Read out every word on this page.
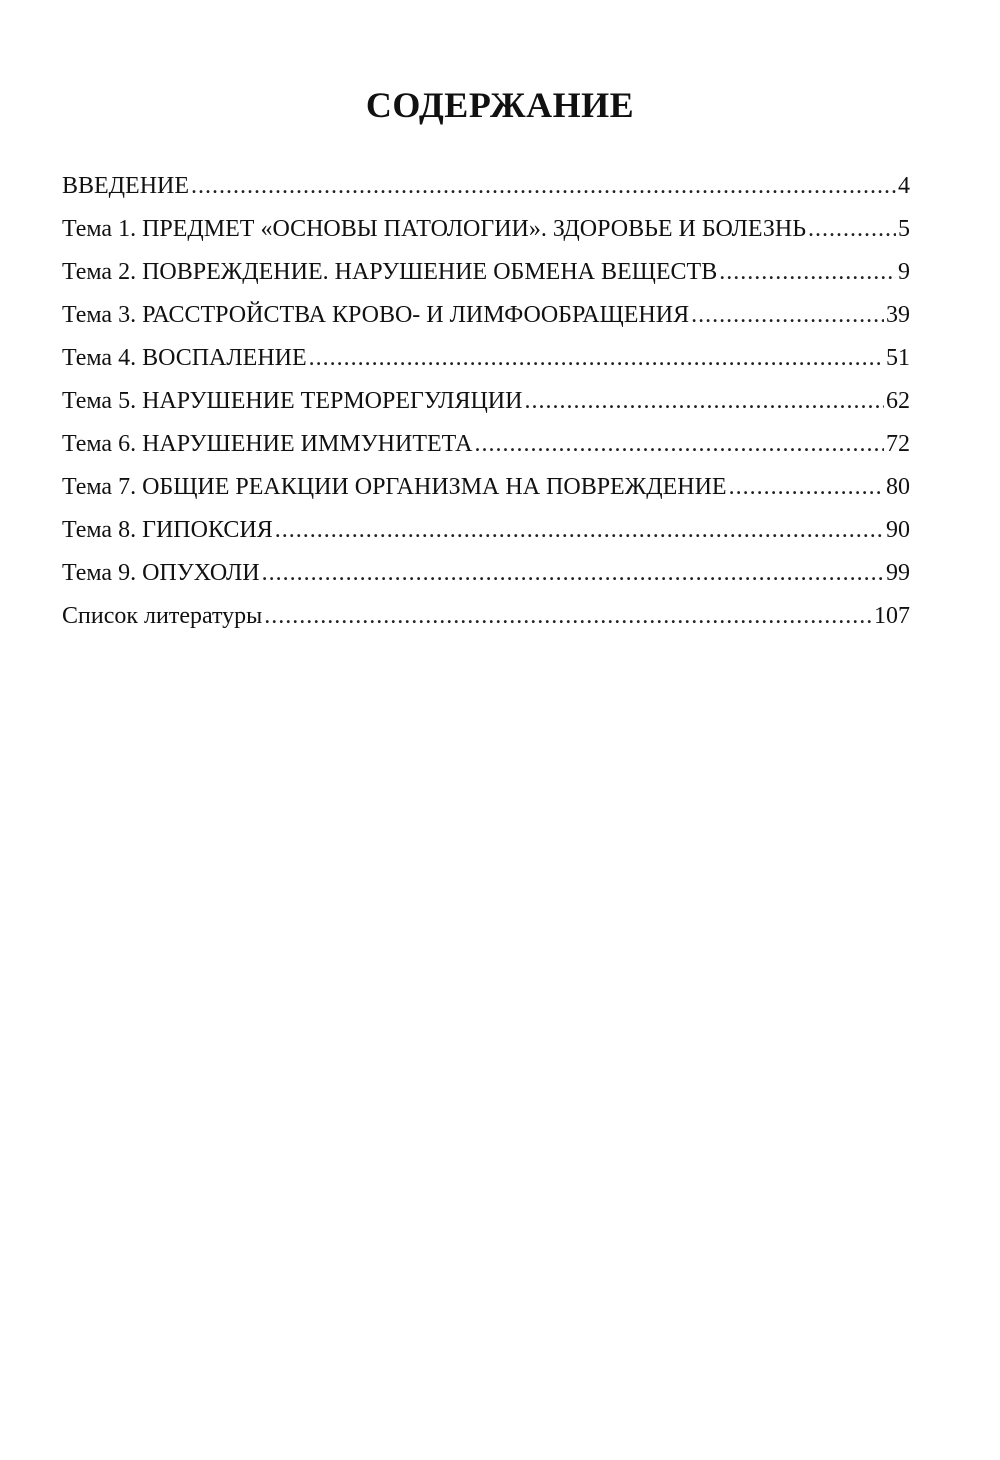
СОДЕРЖАНИЕ
ВВЕДЕНИЕ .....	4
Тема 1. ПРЕДМЕТ «ОСНОВЫ ПАТОЛОГИИ». ЗДОРОВЬЕ И БОЛЕЗНЬ .....	5
Тема 2. ПОВРЕЖДЕНИЕ. НАРУШЕНИЕ ОБМЕНА ВЕЩЕСТВ .....	9
Тема 3. РАССТРОЙСТВА КРОВО- И ЛИМФООБРАЩЕНИЯ .....	39
Тема 4. ВОСПАЛЕНИЕ .....	51
Тема 5. НАРУШЕНИЕ ТЕРМОРЕГУЛЯЦИИ .....	62
Тема 6. НАРУШЕНИЕ ИММУНИТЕТА .....	72
Тема 7. ОБЩИЕ РЕАКЦИИ ОРГАНИЗМА НА ПОВРЕЖДЕНИЕ .....	80
Тема 8. ГИПОКСИЯ .....	90
Тема 9. ОПУХОЛИ .....	99
Список литературы .....	107
